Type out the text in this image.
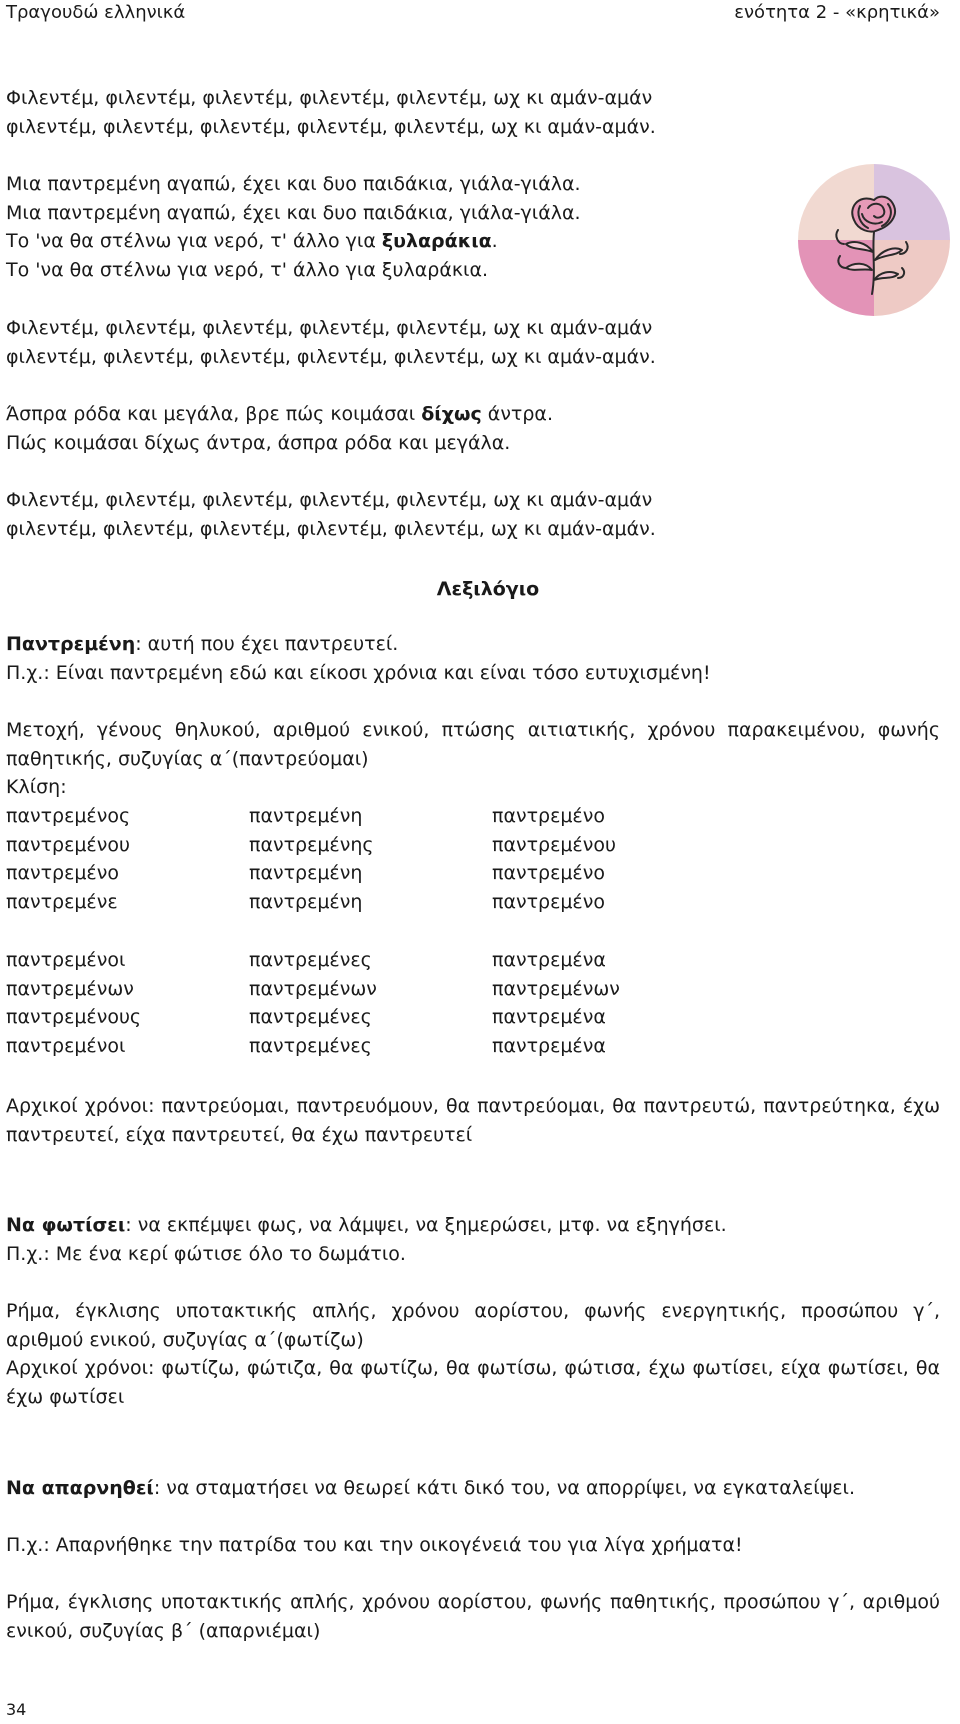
Τραγουδώ ελληνικά	ενότητα 2 - «κρητικά»
Φιλεντέμ, φιλεντέμ, φιλεντέμ, φιλεντέμ, φιλεντέμ, ωχ κι αμάν-αμάν
φιλεντέμ, φιλεντέμ, φιλεντέμ, φιλεντέμ, φιλεντέμ, ωχ κι αμάν-αμάν.
Μια παντρεμένη αγαπώ, έχει και δυο παιδάκια, γιάλα-γιάλα.
Μια παντρεμένη αγαπώ, έχει και δυο παιδάκια, γιάλα-γιάλα.
Το 'να θα στέλνω για νερό, τ' άλλο για ξυλαράκια.
Το 'να θα στέλνω για νερό, τ' άλλο για ξυλαράκια.
Φιλεντέμ, φιλεντέμ, φιλεντέμ, φιλεντέμ, φιλεντέμ, ωχ κι αμάν-αμάν
φιλεντέμ, φιλεντέμ, φιλεντέμ, φιλεντέμ, φιλεντέμ, ωχ κι αμάν-αμάν.
Άσπρα ρόδα και μεγάλα, βρε πώς κοιμάσαι δίχως άντρα.
Πώς κοιμάσαι δίχως άντρα, άσπρα ρόδα και μεγάλα.
Φιλεντέμ, φιλεντέμ, φιλεντέμ, φιλεντέμ, φιλεντέμ, ωχ κι αμάν-αμάν
φιλεντέμ, φιλεντέμ, φιλεντέμ, φιλεντέμ, φιλεντέμ, ωχ κι αμάν-αμάν.
Λεξιλόγιο
Παντρεμένη: αυτή που έχει παντρευτεί.
Π.χ.: Είναι παντρεμένη εδώ και είκοσι χρόνια και είναι τόσο ευτυχισμένη!
Μετοχή, γένους θηλυκού, αριθμού ενικού, πτώσης αιτιατικής, χρόνου παρακειμένου, φωνής παθητικής, συζυγίας α΄(παντρεύομαι)
Κλίση:
παντρεμένος	παντρεμένη	παντρεμένο
παντρεμένου	παντρεμένης	παντρεμένου
παντρεμένο	παντρεμένη	παντρεμένο
παντρεμένε	παντρεμένη	παντρεμένο
παντρεμένοι	παντρεμένες	παντρεμένα
παντρεμένων	παντρεμένων	παντρεμένων
παντρεμένους	παντρεμένες	παντρεμένα
παντρεμένοι	παντρεμένες	παντρεμένα
Αρχικοί χρόνοι: παντρεύομαι, παντρευόμουν, θα παντρεύομαι, θα παντρευτώ, παντρεύτηκα, έχω παντρευτεί, είχα παντρευτεί, θα έχω παντρευτεί
Να φωτίσει: να εκπέμψει φως, να λάμψει, να ξημερώσει, μτφ. να εξηγήσει.
Π.χ.: Με ένα κερί φώτισε όλο το δωμάτιο.
Ρήμα, έγκλισης υποτακτικής απλής, χρόνου αορίστου, φωνής ενεργητικής, προσώπου γ΄, αριθμού ενικού, συζυγίας α΄(φωτίζω)
Αρχικοί χρόνοι: φωτίζω, φώτιζα, θα φωτίζω, θα φωτίσω, φώτισα, έχω φωτίσει, είχα φωτίσει, θα έχω φωτίσει
Να απαρνηθεί: να σταματήσει να θεωρεί κάτι δικό του, να απορρίψει, να εγκαταλείψει.
Π.χ.: Απαρνήθηκε την πατρίδα του και την οικογένειά του για λίγα χρήματα!
Ρήμα, έγκλισης υποτακτικής απλής, χρόνου αορίστου, φωνής παθητικής, προσώπου γ΄, αριθμού ενικού, συζυγίας β΄ (απαρνιέμαι)
34
